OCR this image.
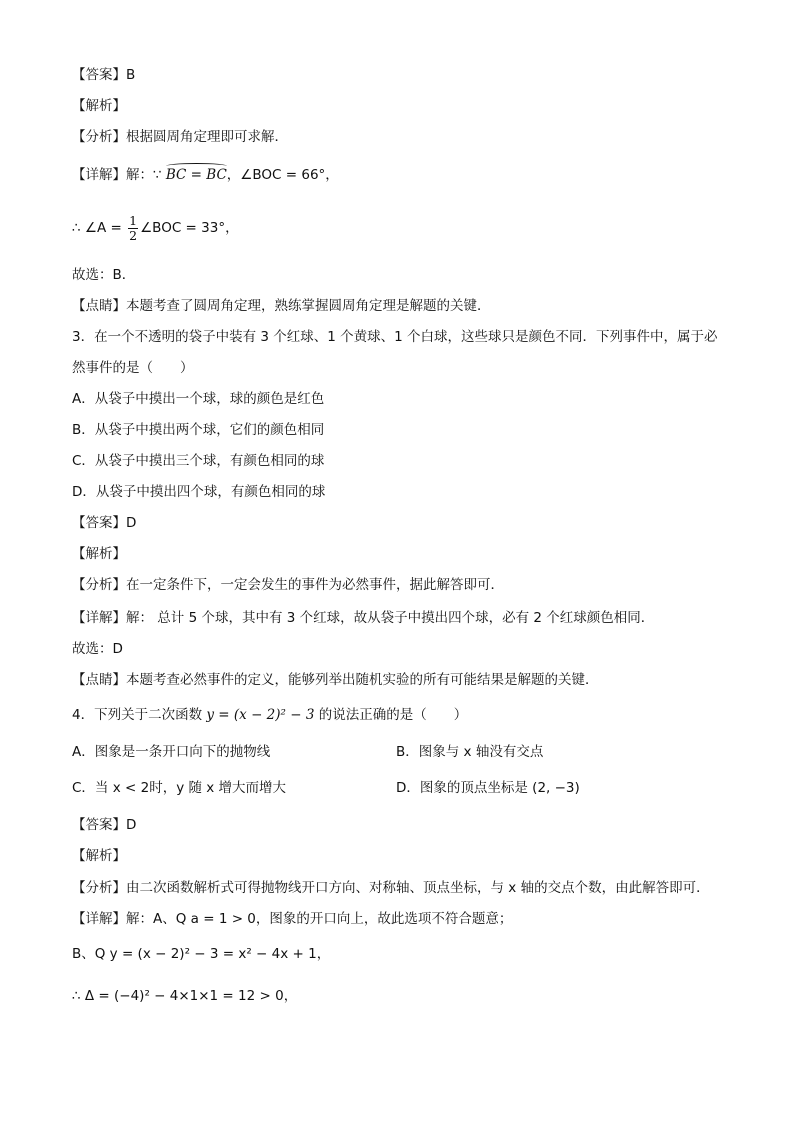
【答案】B
【解析】
【分析】根据圆周角定理即可求解．
【详解】解：∵ BC = BC，∠BOC = 66°，
∴ ∠A = $\frac{1}{2}$ ∠BOC = 33°，
故选：B．
【点睛】本题考查了圆周角定理，熟练掌握圆周角定理是解题的关键．
3．在一个不透明的袋子中装有 3 个红球、1 个黄球、1 个白球，这些球只是颜色不同．下列事件中，属于必
然事件的是（　　）
A．从袋子中摸出一个球，球的颜色是红色
B．从袋子中摸出两个球，它们的颜色相同
C．从袋子中摸出三个球，有颜色相同的球
D．从袋子中摸出四个球，有颜色相同的球
【答案】D
【解析】
【分析】在一定条件下，一定会发生的事件为必然事件，据此解答即可．
【详解】解： 总计 5 个球，其中有 3 个红球，故从袋子中摸出四个球，必有 2 个红球颜色相同．
故选：D
【点睛】本题考查必然事件的定义，能够列举出随机实验的所有可能结果是解题的关键．
4．下列关于二次函数 y = (x − 2)² − 3 的说法正确的是（　　）
A．图象是一条开口向下的抛物线	B．图象与 x 轴没有交点
C．当 x < 2时，y 随 x 增大而增大	D．图象的顶点坐标是 (2, −3)
【答案】D
【解析】
【分析】由二次函数解析式可得抛物线开口方向、对称轴、顶点坐标，与 x 轴的交点个数，由此解答即可．
【详解】解：A、Q a = 1 > 0，图象的开口向上，故此选项不符合题意；
B、Q y = (x − 2)² − 3 = x² − 4x + 1，
∴ Δ = (−4)² − 4×1×1 = 12 > 0，
